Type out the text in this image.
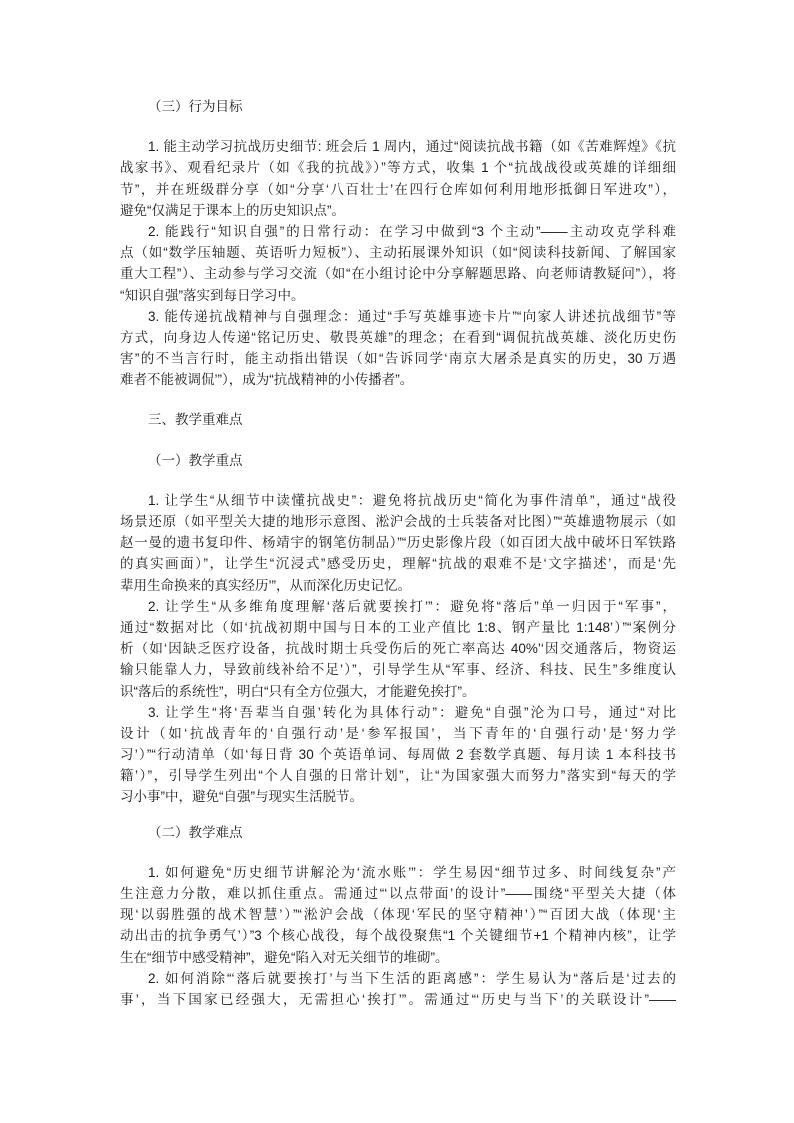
（三）行为目标
1. 能主动学习抗战历史细节: 班会后 1 周内，通过“阅读抗战书籍（如《苦难辉煌》《抗
战家书》、观看纪录片（如《我的抗战》）”等方式，收集 1 个“抗战战役或英雄的详细细
节”，并在班级群分享（如“分享‘八百壮士’在四行仓库如何利用地形抵御日军进攻”），
避免“仅满足于课本上的历史知识点”。
2. 能践行“知识自强”的日常行动：在学习中做到“3 个主动”——主动攻克学科难
点（如“数学压轴题、英语听力短板”）、主动拓展课外知识（如“阅读科技新闻、了解国家
重大工程”）、主动参与学习交流（如“在小组讨论中分享解题思路、向老师请教疑问”），将
“知识自强”落实到每日学习中。
3. 能传递抗战精神与自强理念：通过“手写英雄事迹卡片”“向家人讲述抗战细节”等
方式，向身边人传递“铭记历史、敬畏英雄”的理念；在看到“调侃抗战英雄、淡化历史伤
害”的不当言行时，能主动指出错误（如“告诉同学‘南京大屠杀是真实的历史，30 万遇
难者不能被调侃’”），成为“抗战精神的小传播者”。
三、教学重难点
（一）教学重点
1. 让学生“从细节中读懂抗战史”：避免将抗战历史“简化为事件清单”，通过“战役
场景还原（如平型关大捷的地形示意图、淞沪会战的士兵装备对比图）”“英雄遗物展示（如
赵一曼的遗书复印件、杨靖宇的钢笔仿制品）”“历史影像片段（如百团大战中破坏日军铁路
的真实画面）”，让学生“沉浸式”感受历史，理解“抗战的艰难不是‘文字描述’，而是‘先
辈用生命换来的真实经历’”，从而深化历史记忆。
2. 让学生“从多维角度理解‘落后就要挨打’”：避免将“落后”单一归因于“军事”，
通过“数据对比（如‘抗战初期中国与日本的工业产值比 1:8、钢产量比 1:148’）”“案例分
析（如‘因缺乏医疗设备，抗战时期士兵受伤后的死亡率高达 40%’‘因交通落后，物资运
输只能靠人力，导致前线补给不足’）”，引导学生从“军事、经济、科技、民生”多维度认
识“落后的系统性”，明白“只有全方位强大，才能避免挨打”。
3. 让学生“将‘吾辈当自强’转化为具体行动”：避免“自强”沦为口号，通过“对比
设计（如‘抗战青年的‘自强行动’是‘参军报国’，当下青年的‘自强行动’是‘努力学
习’）”“行动清单（如‘每日背 30 个英语单词、每周做 2 套数学真题、每月读 1 本科技书
籍’）”，引导学生列出“个人自强的日常计划”，让“为国家强大而努力”落实到“每天的学
习小事”中，避免“自强”与现实生活脱节。
（二）教学难点
1. 如何避免“历史细节讲解沦为‘流水账’”：学生易因“细节过多、时间线复杂”产
生注意力分散，难以抓住重点。需通过“‘以点带面’的设计”——围绕“平型关大捷（体
现‘以弱胜强的战术智慧’）”“淞沪会战（体现‘军民的坚守精神’）”“百团大战（体现‘主
动出击的抗争勇气’）”3 个核心战役，每个战役聚焦“1 个关键细节+1 个精神内核”，让学
生在“细节中感受精神”，避免“陷入对无关细节的堆砌”。
2. 如何消除“‘落后就要挨打’与当下生活的距离感”：学生易认为“落后是‘过去的
事’，当下国家已经强大，无需担心‘挨打’”。需通过“‘历史与当下’的关联设计”——
